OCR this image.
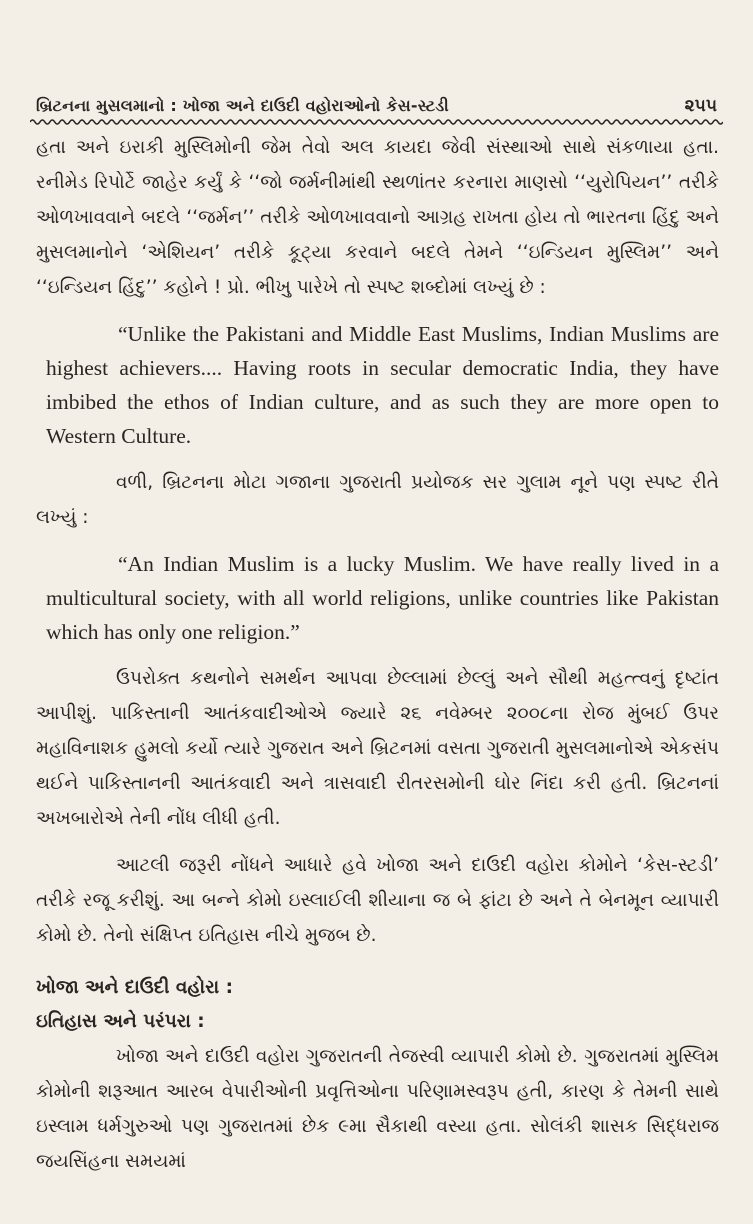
બ્રિટનના મુસલમાનો : ખોજા અને દાઉદી વહોરાઓનો કેસ-સ્ટડી	૨૫૫

હતા અને ઇરાકી મુસ્લિમોની જેમ તેવો અલ કાયદા જેવી સંસ્થાઓ સાથે સંકળાયા હતા. રનીમેડ રિપોર્ટે જાહેર કર્યું કે ‘‘જો જર્મનીમાંથી સ્થળાંતર કરનારા માણસો ‘‘યુરોપિયન’’ તરીકે ઓળખાવવાને બદલે ‘‘જર્મન’’ તરીકે ઓળખાવવાનો આગ્રહ રાખતા હોય તો ભારતના હિંદુ અને મુસલમાનોને ‘એશિયન’ તરીકે કૂટ્યા કરવાને બદલે તેમને ‘‘ઇન્ડિયન મુસ્લિમ’’ અને ‘‘ઇન્ડિયન હિંદુ’’ કહોને ! પ્રો. ભીખુ પારેખે તો સ્પષ્ટ શબ્દોમાં લખ્યું છે :

“Unlike the Pakistani and Middle East Muslims, Indian Muslims are highest achievers.... Having roots in secular democratic India, they have imbibed the ethos of Indian culture, and as such they are more open to Western Culture.

વળી, બ્રિટનના મોટા ગજાના ગુજરાતી પ્રયોજક સર ગુલામ નૂને પણ સ્પષ્ટ રીતે લખ્યું :

“An Indian Muslim is a lucky Muslim. We have really lived in a multicultural society, with all world religions, unlike countries like Pakistan which has only one religion.”

ઉપરોક્ત કથનોને સમર્થન આપવા છેલ્લામાં છેલ્લું અને સૌથી મહત્ત્વનું દૃષ્ટાંત આપીશું. પાકિસ્તાની આતંકવાદીઓએ જ્યારે ૨૬ નવેમ્બર ૨૦૦૮ના રોજ મુંબઈ ઉપર મહાવિનાશક હુમલો કર્યો ત્યારે ગુજરાત અને બ્રિટનમાં વસતા ગુજરાતી મુસલમાનોએ એકસંપ થઈને પાકિસ્તાનની આતંકવાદી અને ત્રાસવાદી રીતરસમોની ઘોર નિંદા કરી હતી. બ્રિટનનાં અખબારોએ તેની નોંધ લીધી હતી.

આટલી જરૂરી નોંધને આધારે હવે ખોજા અને દાઉદી વહોરા કોમોને ‘કેસ-સ્ટડી’ તરીકે રજૂ કરીશું. આ બન્ને કોમો ઇસ્લાઈલી શીયાના જ બે ફાંટા છે અને તે બેનમૂન વ્યાપારી કોમો છે. તેનો સંક્ષિપ્ત ઇતિહાસ નીચે મુજબ છે.

ખોજા અને દાઉદી વહોરા :

ઇતિહાસ અને પરંપરા :

ખોજા અને દાઉદી વહોરા ગુજરાતની તેજસ્વી વ્યાપારી કોમો છે. ગુજરાતમાં મુસ્લિમ કોમોની શરૂઆત આરબ વેપારીઓની પ્રવૃત્તિઓના પરિણામસ્વરૂપ હતી, કારણ કે તેમની સાથે ઇસ્લામ ધર્મગુરુઓ પણ ગુજરાતમાં છેક ૯મા સૈકાથી વસ્યા હતા. સોલંકી શાસક સિદ્ધરાજ જયસિંહના સમયમાં
